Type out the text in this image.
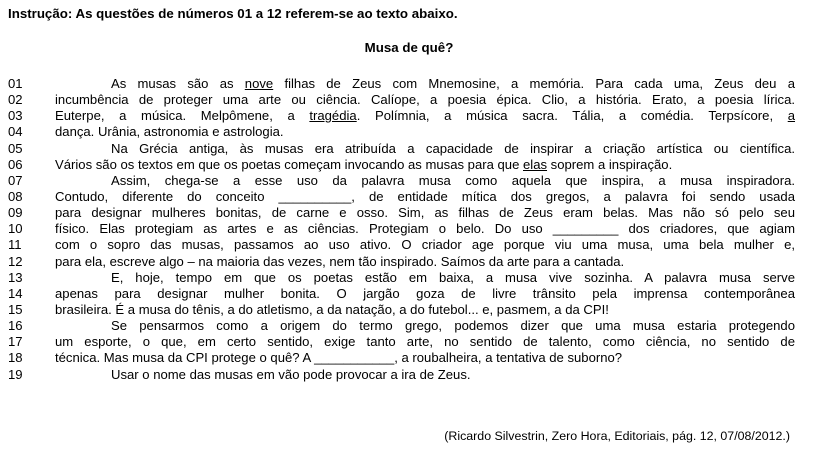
Instrução: As questões de números 01 a 12 referem-se ao texto abaixo.
Musa de quê?
01	As musas são as nove filhas de Zeus com Mnemosine, a memória. Para cada uma, Zeus deu a
02 incumbência de proteger uma arte ou ciência. Calíope, a poesia épica. Clio, a história. Erato, a poesia lírica.
03 Euterpe, a música. Melpômene, a tragédia. Polímnia, a música sacra. Tália, a comédia. Terpsícore, a
04 dança. Urânia, astronomia e astrologia.
05	Na Grécia antiga, às musas era atribuída a capacidade de inspirar a criação artística ou científica.
06 Vários são os textos em que os poetas começam invocando as musas para que elas soprem a inspiração.
07	Assim, chega-se a esse uso da palavra musa como aquela que inspira, a musa inspiradora.
08 Contudo, diferente do conceito __________, de entidade mítica dos gregos, a palavra foi sendo usada
09 para designar mulheres bonitas, de carne e osso. Sim, as filhas de Zeus eram belas. Mas não só pelo seu
10 físico. Elas protegiam as artes e as ciências. Protegiam o belo. Do uso _________ dos criadores, que agiam
11	com o sopro das musas, passamos ao uso ativo. O criador age porque viu uma musa, uma bela mulher e,
12 para ela, escreve algo – na maioria das vezes, nem tão inspirado. Saímos da arte para a cantada.
13	E, hoje, tempo em que os poetas estão em baixa, a musa vive sozinha. A palavra musa serve
14 apenas para designar mulher bonita. O jargão goza de livre trânsito pela imprensa contemporânea
15 brasileira. É a musa do tênis, a do atletismo, a da natação, a do futebol... e, pasmem, a da CPI!
16	Se pensarmos como a origem do termo grego, podemos dizer que uma musa estaria protegendo
17 um esporte, o que, em certo sentido, exige tanto arte, no sentido de talento, como ciência, no sentido de
18 técnica. Mas musa da CPI protege o quê? A ___________, a roubalheira, a tentativa de suborno?
19	Usar o nome das musas em vão pode provocar a ira de Zeus.
(Ricardo Silvestrin, Zero Hora, Editoriais, pág. 12, 07/08/2012.)
